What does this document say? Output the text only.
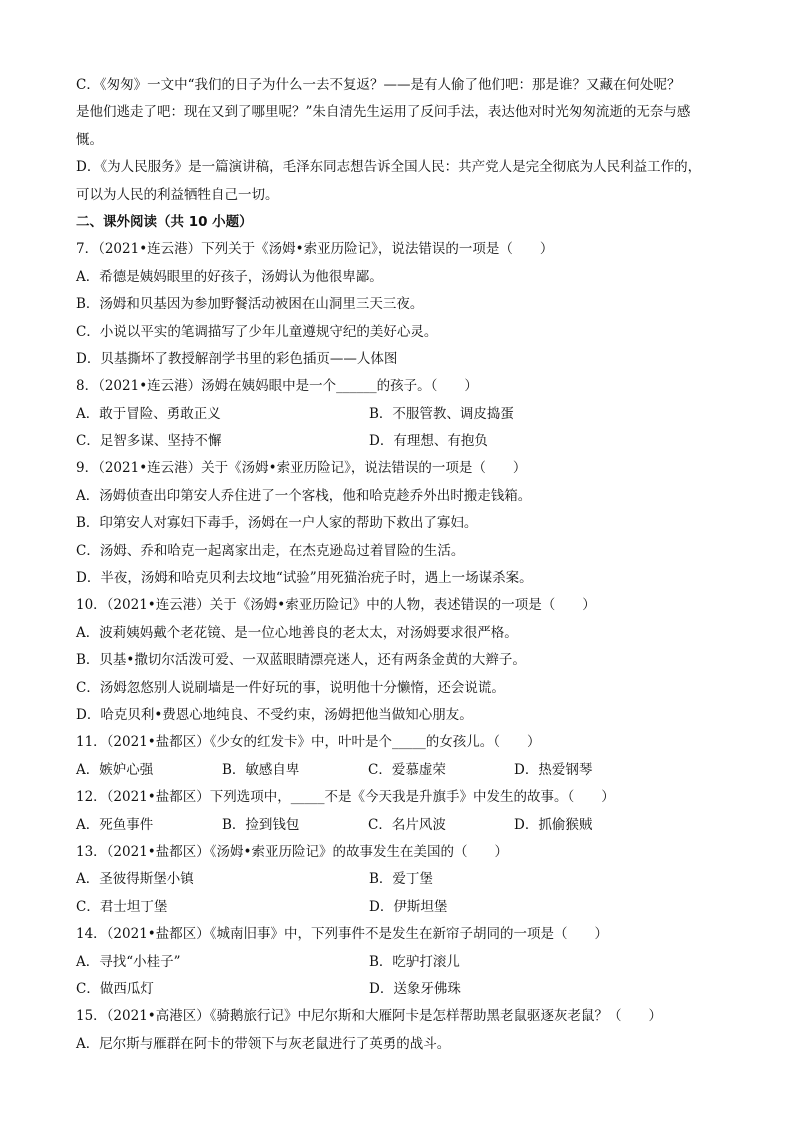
C．《匆匆》一文中“我们的日子为什么一去不复返？——是有人偷了他们吧：那是谁？又藏在何处呢？
是他们逃走了吧：现在又到了哪里呢？”朱自清先生运用了反问手法，表达他对时光匆匆流逝的无奈与感
慨。
D．《为人民服务》是一篇演讲稿，毛泽东同志想告诉全国人民：共产党人是完全彻底为人民利益工作的，
可以为人民的利益牺牲自己一切。
二、课外阅读（共 10 小题）
7．（2021•连云港）下列关于《汤姆•索亚历险记》，说法错误的一项是（　　）
A．希德是姨妈眼里的好孩子，汤姆认为他很卑鄙。
B．汤姆和贝基因为参加野餐活动被困在山洞里三天三夜。
C．小说以平实的笔调描写了少年儿童遵规守纪的美好心灵。
D．贝基撕坏了教授解剖学书里的彩色插页——人体图
8．（2021•连云港）汤姆在姨妈眼中是一个______的孩子。（　　）
A．敢于冒险、勇敢正义	B．不服管教、调皮捣蛋
C．足智多谋、坚持不懈	D．有理想、有抱负
9．（2021•连云港）关于《汤姆•索亚历险记》，说法错误的一项是（　　）
A．汤姆侦查出印第安人乔住进了一个客栈，他和哈克趁乔外出时搬走钱箱。
B．印第安人对寡妇下毒手，汤姆在一户人家的帮助下救出了寡妇。
C．汤姆、乔和哈克一起离家出走，在杰克逊岛过着冒险的生活。
D．半夜，汤姆和哈克贝利去坟地“试验”用死猫治疣子时，遇上一场谋杀案。
10．（2021•连云港）关于《汤姆•索亚历险记》中的人物，表述错误的一项是（　　）
A．波莉姨妈戴个老花镜、是一位心地善良的老太太，对汤姆要求很严格。
B．贝基•撒切尔活泼可爱、一双蓝眼睛漂亮迷人，还有两条金黄的大辫子。
C．汤姆忽悠别人说刷墙是一件好玩的事，说明他十分懒惰，还会说谎。
D．哈克贝利•费恩心地纯良、不受约束，汤姆把他当做知心朋友。
11．（2021•盐都区）《少女的红发卡》中，叶叶是个_____的女孩儿。（　　）
A．嫉妒心强	B．敏感自卑	C．爱慕虚荣	D．热爱钢琴
12．（2021•盐都区）下列选项中，_____不是《今天我是升旗手》中发生的故事。（　　）
A．死鱼事件	B．捡到钱包	C．名片风波	D．抓偷猴贼
13．（2021•盐都区）《汤姆•索亚历险记》的故事发生在美国的（　　）
A．圣彼得斯堡小镇	B．爱丁堡
C．君士坦丁堡	D．伊斯坦堡
14．（2021•盐都区）《城南旧事》中，下列事件不是发生在新帘子胡同的一项是（　　）
A．寻找“小桂子”	B．吃驴打滚儿
C．做西瓜灯	D．送象牙佛珠
15．（2021•高港区）《骑鹅旅行记》中尼尔斯和大雁阿卡是怎样帮助黑老鼠驱逐灰老鼠？（　　）
A．尼尔斯与雁群在阿卡的带领下与灰老鼠进行了英勇的战斗。
